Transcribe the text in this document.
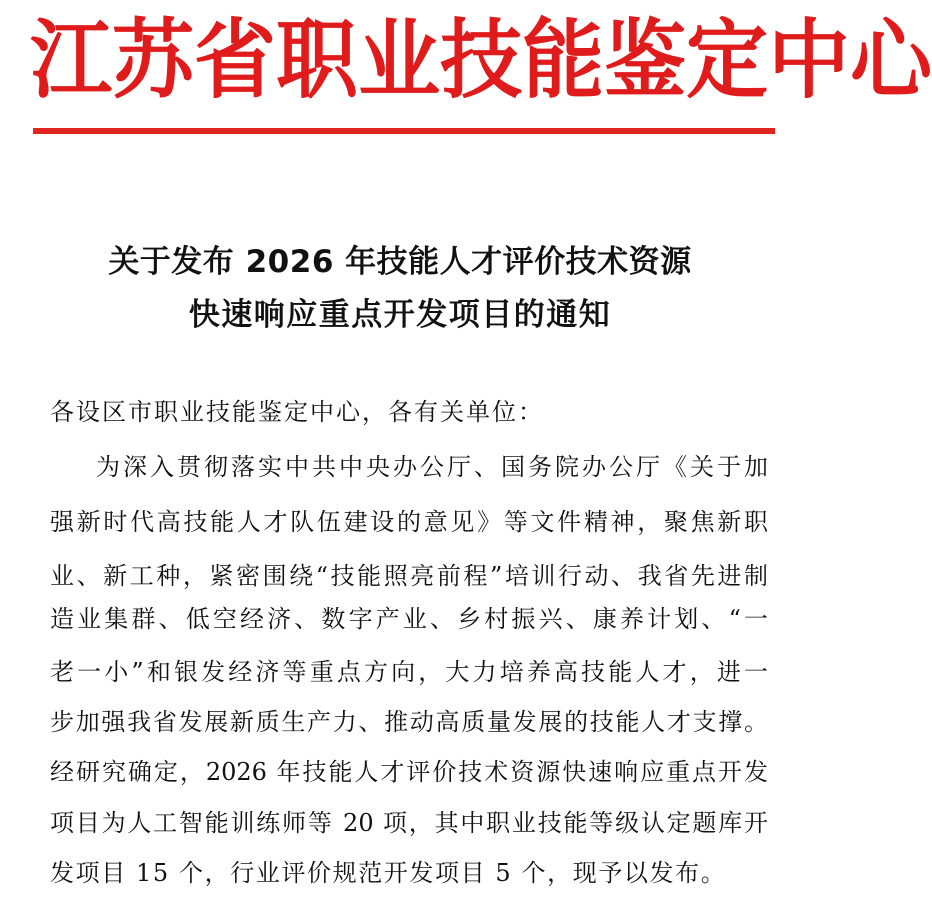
江 苏 省 职 业 技 能 鉴 定 中 心
关于发布 2026 年技能人才评价技术资源
快速响应重点开发项目的通知
各设区市职业技能鉴定中心，各有关单位：
为深入贯彻落实中共中央办公厅、国务院办公厅《关于加
强新时代高技能人才队伍建设的意见》等文件精神，聚焦新职
业、新工种，紧密围绕“技能照亮前程”培训行动、我省先进制
造业集群、低空经济、数字产业、乡村振兴、康养计划、“一
老一小”和银发经济等重点方向，大力培养高技能人才，进一
步加强我省发展新质生产力、推动高质量发展的技能人才支撑。
经研究确定，2026 年技能人才评价技术资源快速响应重点开发
项目为人工智能训练师等 20 项，其中职业技能等级认定题库开
发项目 15 个，行业评价规范开发项目 5 个，现予以发布。
